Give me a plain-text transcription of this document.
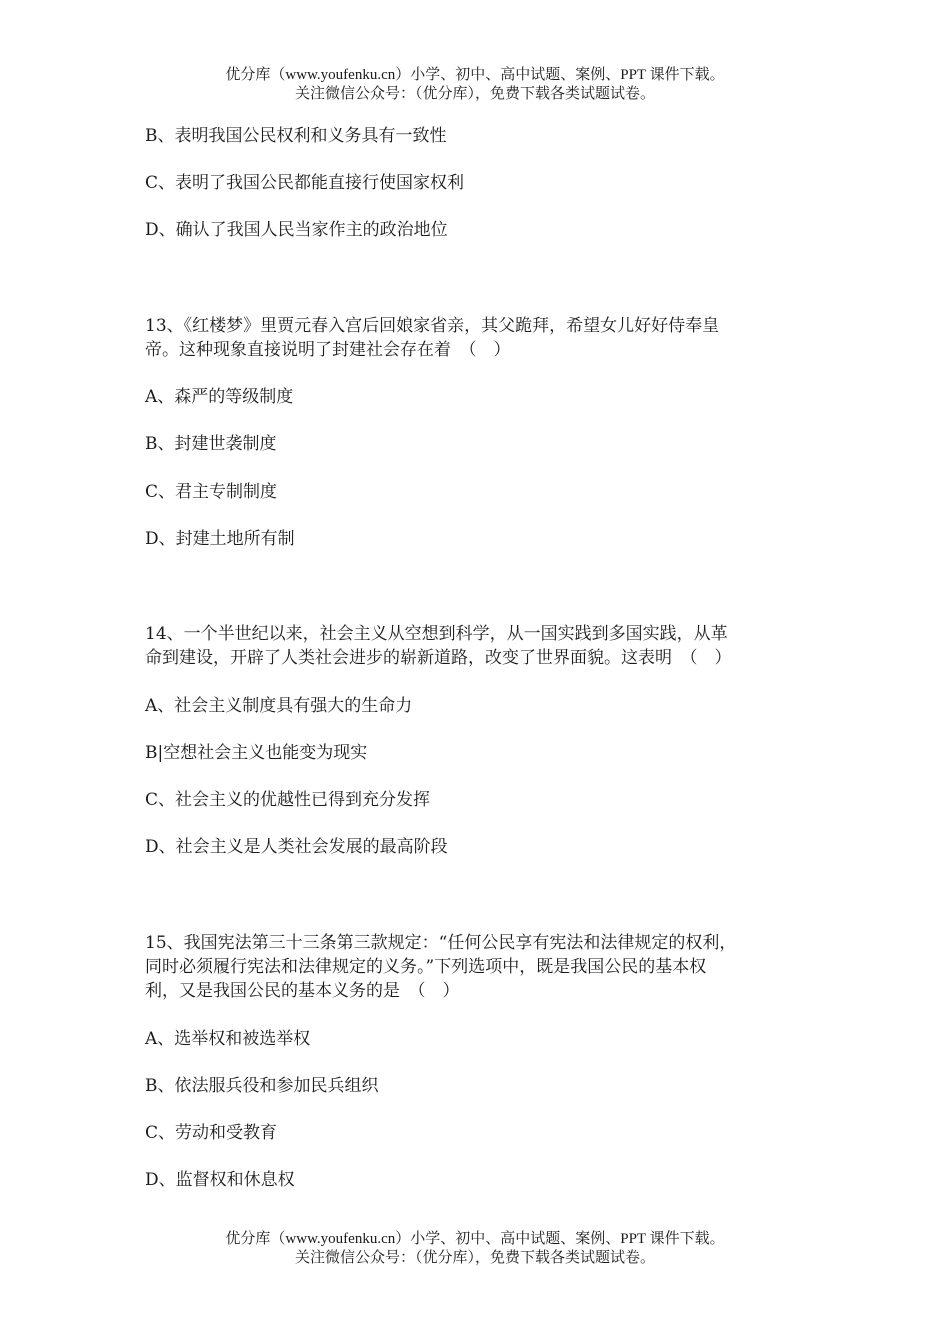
优分库（www.youfenku.cn）小学、初中、高中试题、案例、PPT 课件下载。
关注微信公众号：（优分库），免费下载各类试题试卷。
B、表明我国公民权利和义务具有一致性
C、表明了我国公民都能直接行使国家权利
D、确认了我国人民当家作主的政治地位
13、《红楼梦》里贾元春入宫后回娘家省亲，其父跪拜，希望女儿好好侍奉皇
帝。这种现象直接说明了封建社会存在着　（　）
A、森严的等级制度
B、封建世袭制度
C、君主专制制度
D、封建土地所有制
14、一个半世纪以来，社会主义从空想到科学，从一国实践到多国实践，从革
命到建设，开辟了人类社会进步的崭新道路，改变了世界面貌。这表明　（　）
A、社会主义制度具有强大的生命力
B|空想社会主义也能变为现实
C、社会主义的优越性已得到充分发挥
D、社会主义是人类社会发展的最高阶段
15、我国宪法第三十三条第三款规定：“任何公民享有宪法和法律规定的权利，
同时必须履行宪法和法律规定的义务。”下列选项中，既是我国公民的基本权
利，又是我国公民的基本义务的是　（　）
A、选举权和被选举权
B、依法服兵役和参加民兵组织
C、劳动和受教育
D、监督权和休息权
优分库（www.youfenku.cn）小学、初中、高中试题、案例、PPT 课件下载。
关注微信公众号：（优分库），免费下载各类试题试卷。
